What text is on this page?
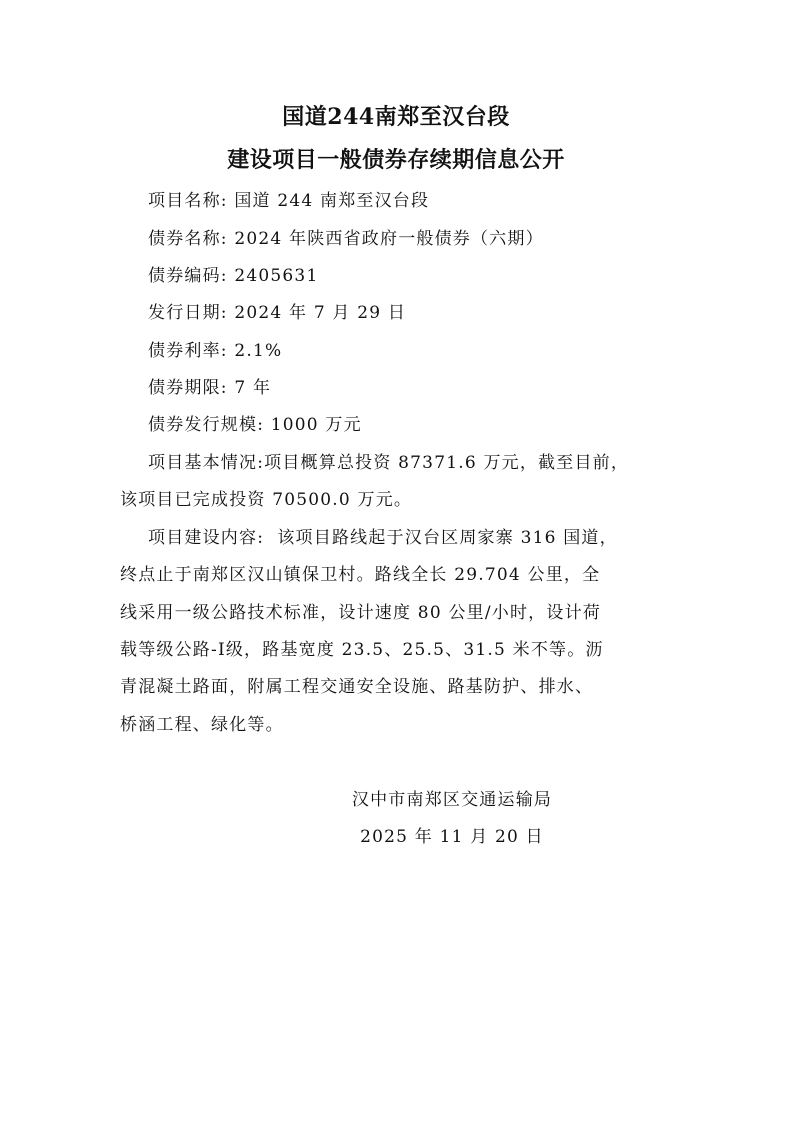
国道244南郑至汉台段
建设项目一般债券存续期信息公开
项目名称: 国道 244 南郑至汉台段
债券名称: 2024 年陕西省政府一般债券（六期）
债券编码: 2405631
发行日期: 2024 年 7 月 29 日
债券利率: 2.1%
债券期限: 7 年
债券发行规模: 1000 万元
项目基本情况:项目概算总投资 87371.6 万元，截至目前，
该项目已完成投资 70500.0 万元。
项目建设内容: 该项目路线起于汉台区周家寨 316 国道，
终点止于南郑区汉山镇保卫村。路线全长 29.704 公里，全
线采用一级公路技术标准，设计速度 80 公里/小时，设计荷
载等级公路-Ⅰ级，路基宽度 23.5、25.5、31.5 米不等。沥
青混凝土路面，附属工程交通安全设施、路基防护、排水、
桥涵工程、绿化等。
汉中市南郑区交通运输局
2025 年 11 月 20 日
